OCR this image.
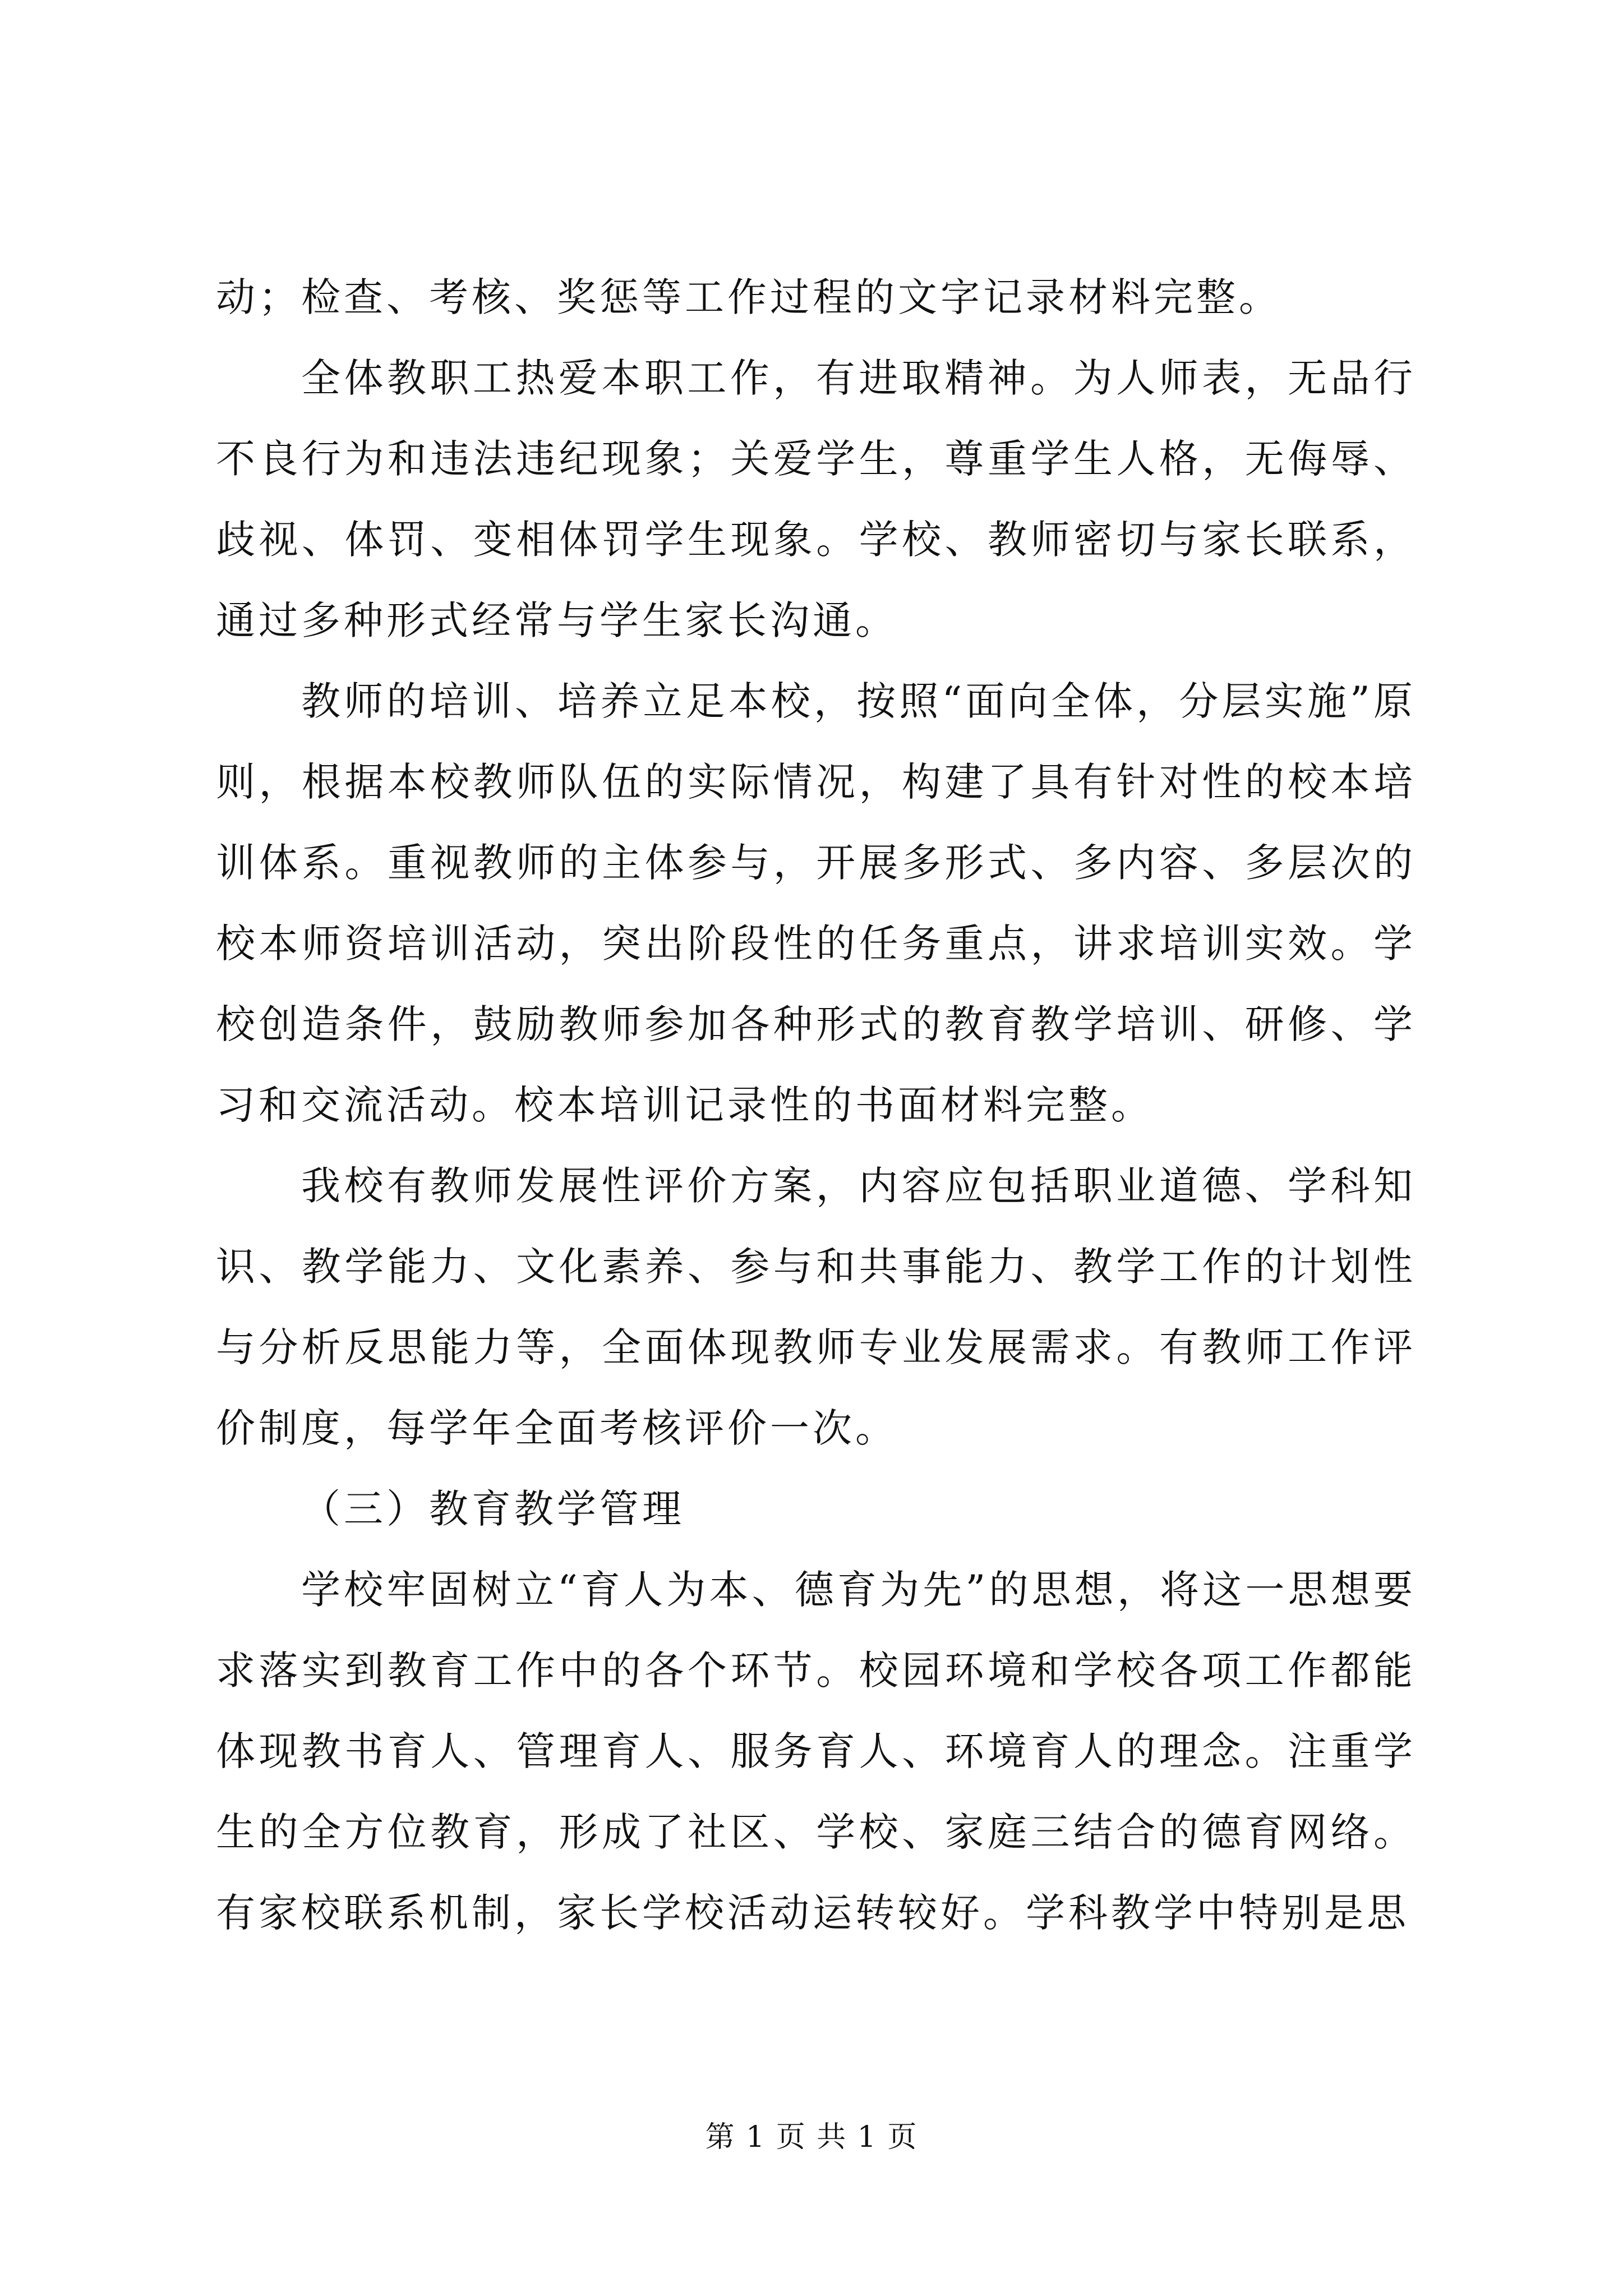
动；检查、考核、奖惩等工作过程的文字记录材料完整。

全体教职工热爱本职工作，有进取精神。为人师表，无品行不良行为和违法违纪现象；关爱学生，尊重学生人格，无侮辱、歧视、体罚、变相体罚学生现象。学校、教师密切与家长联系，通过多种形式经常与学生家长沟通。

教师的培训、培养立足本校，按照“面向全体，分层实施”原则，根据本校教师队伍的实际情况，构建了具有针对性的校本培训体系。重视教师的主体参与，开展多形式、多内容、多层次的校本师资培训活动，突出阶段性的任务重点，讲求培训实效。学校创造条件，鼓励教师参加各种形式的教育教学培训、研修、学习和交流活动。校本培训记录性的书面材料完整。

我校有教师发展性评价方案，内容应包括职业道德、学科知识、教学能力、文化素养、参与和共事能力、教学工作的计划性与分析反思能力等，全面体现教师专业发展需求。有教师工作评价制度，每学年全面考核评价一次。

（三）教育教学管理

学校牢固树立“育人为本、德育为先”的思想，将这一思想要求落实到教育工作中的各个环节。校园环境和学校各项工作都能体现教书育人、管理育人、服务育人、环境育人的理念。注重学生的全方位教育，形成了社区、学校、家庭三结合的德育网络。有家校联系机制，家长学校活动运转较好。学科教学中特别是思

第 1 页 共 1 页
